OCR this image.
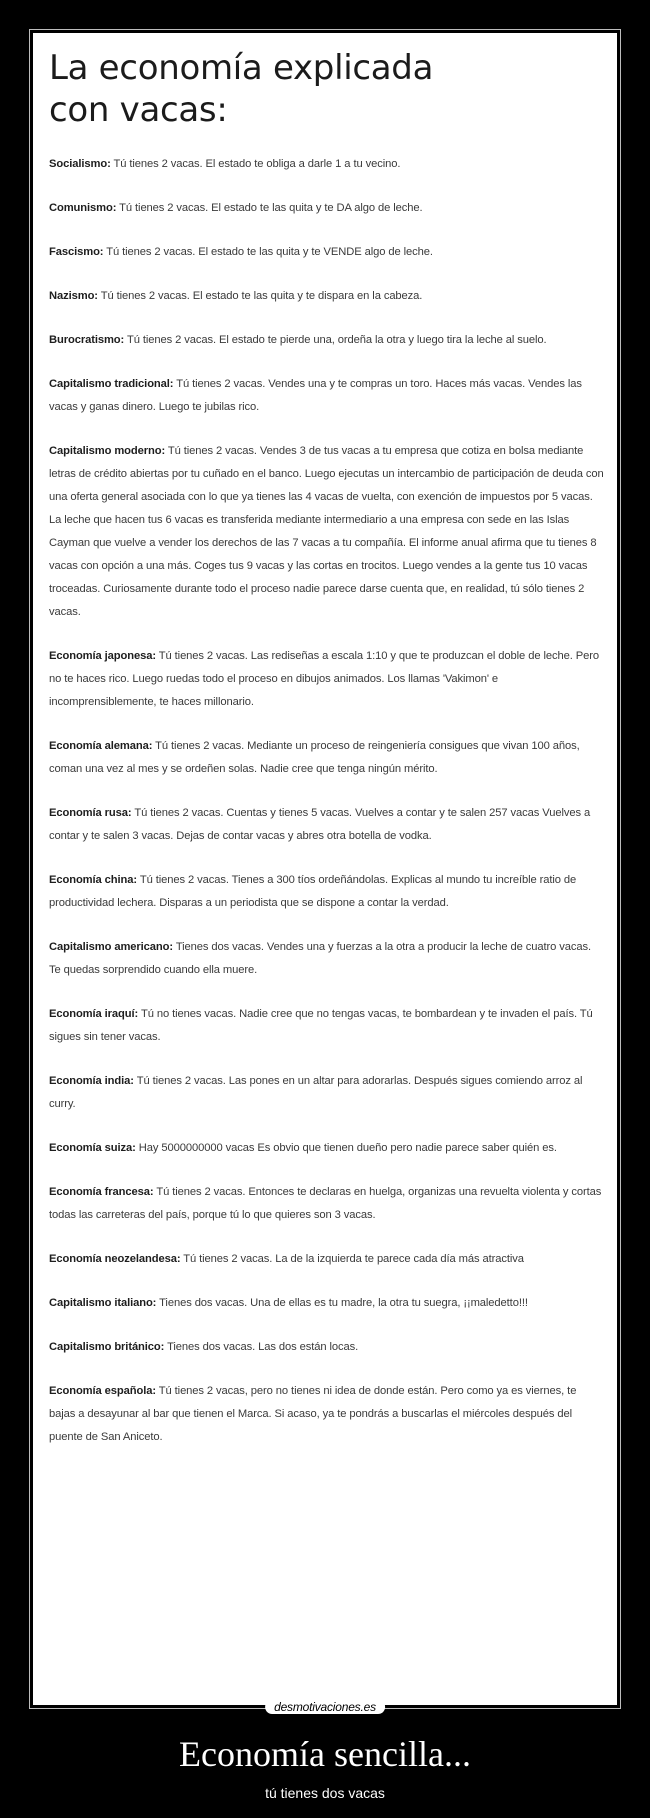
La economía explicada
con vacas:

Socialismo: Tú tienes 2 vacas. El estado te obliga a darle 1 a tu vecino.

Comunismo: Tú tienes 2 vacas. El estado te las quita y te DA algo de leche.

Fascismo: Tú tienes 2 vacas. El estado te las quita y te VENDE algo de leche.

Nazismo: Tú tienes 2 vacas. El estado te las quita y te dispara en la cabeza.

Burocratismo: Tú tienes 2 vacas. El estado te pierde una, ordeña la otra y luego tira la leche al suelo.

Capitalismo tradicional: Tú tienes 2 vacas. Vendes una y te compras un toro. Haces más vacas. Vendes las vacas y ganas dinero. Luego te jubilas rico.

Capitalismo moderno: Tú tienes 2 vacas. Vendes 3 de tus vacas a tu empresa que cotiza en bolsa mediante letras de crédito abiertas por tu cuñado en el banco. Luego ejecutas un intercambio de participación de deuda con una oferta general asociada con lo que ya tienes las 4 vacas de vuelta, con exención de impuestos por 5 vacas. La leche que hacen tus 6 vacas es transferida mediante intermediario a una empresa con sede en las Islas Cayman que vuelve a vender los derechos de las 7 vacas a tu compañía. El informe anual afirma que tu tienes 8 vacas con opción a una más. Coges tus 9 vacas y las cortas en trocitos. Luego vendes a la gente tus 10 vacas troceadas. Curiosamente durante todo el proceso nadie parece darse cuenta que, en realidad, tú sólo tienes 2 vacas.

Economía japonesa: Tú tienes 2 vacas. Las rediseñas a escala 1:10 y que te produzcan el doble de leche. Pero no te haces rico. Luego ruedas todo el proceso en dibujos animados. Los llamas 'Vakimon' e incomprensiblemente, te haces millonario.

Economía alemana: Tú tienes 2 vacas. Mediante un proceso de reingeniería consigues que vivan 100 años, coman una vez al mes y se ordeñen solas. Nadie cree que tenga ningún mérito.

Economía rusa: Tú tienes 2 vacas. Cuentas y tienes 5 vacas. Vuelves a contar y te salen 257 vacas Vuelves a contar y te salen 3 vacas. Dejas de contar vacas y abres otra botella de vodka.

Economía china: Tú tienes 2 vacas. Tienes a 300 tíos ordeñándolas. Explicas al mundo tu increíble ratio de productividad lechera. Disparas a un periodista que se dispone a contar la verdad.

Capitalismo americano: Tienes dos vacas. Vendes una y fuerzas a la otra a producir la leche de cuatro vacas. Te quedas sorprendido cuando ella muere.

Economía iraquí: Tú no tienes vacas. Nadie cree que no tengas vacas, te bombardean y te invaden el país. Tú sigues sin tener vacas.

Economía india: Tú tienes 2 vacas. Las pones en un altar para adorarlas. Después sigues comiendo arroz al curry.

Economía suiza: Hay 5000000000 vacas Es obvio que tienen dueño pero nadie parece saber quién es.

Economía francesa: Tú tienes 2 vacas. Entonces te declaras en huelga, organizas una revuelta violenta y cortas todas las carreteras del país, porque tú lo que quieres son 3 vacas.

Economía neozelandesa: Tú tienes 2 vacas. La de la izquierda te parece cada día más atractiva

Capitalismo italiano: Tienes dos vacas. Una de ellas es tu madre, la otra tu suegra, ¡¡maledetto!!!

Capitalismo británico: Tienes dos vacas. Las dos están locas.

Economía española: Tú tienes 2 vacas, pero no tienes ni idea de donde están. Pero como ya es viernes, te bajas a desayunar al bar que tienen el Marca. Si acaso, ya te pondrás a buscarlas el miércoles después del puente de San Aniceto.

desmotivaciones.es
Economía sencilla...
tú tienes dos vacas
